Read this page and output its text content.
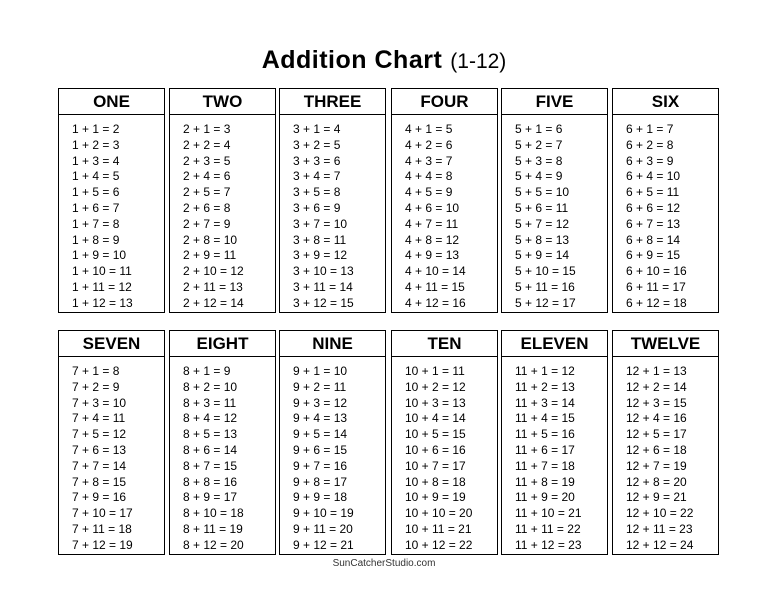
Addition Chart (1-12)
ONE
1 + 1 = 2
1 + 2 = 3
1 + 3 = 4
1 + 4 = 5
1 + 5 = 6
1 + 6 = 7
1 + 7 = 8
1 + 8 = 9
1 + 9 = 10
1 + 10 = 11
1 + 11 = 12
1 + 12 = 13
TWO
2 + 1 = 3
2 + 2 = 4
2 + 3 = 5
2 + 4 = 6
2 + 5 = 7
2 + 6 = 8
2 + 7 = 9
2 + 8 = 10
2 + 9 = 11
2 + 10 = 12
2 + 11 = 13
2 + 12 = 14
THREE
3 + 1 = 4
3 + 2 = 5
3 + 3 = 6
3 + 4 = 7
3 + 5 = 8
3 + 6 = 9
3 + 7 = 10
3 + 8 = 11
3 + 9 = 12
3 + 10 = 13
3 + 11 = 14
3 + 12 = 15
FOUR
4 + 1 = 5
4 + 2 = 6
4 + 3 = 7
4 + 4 = 8
4 + 5 = 9
4 + 6 = 10
4 + 7 = 11
4 + 8 = 12
4 + 9 = 13
4 + 10 = 14
4 + 11 = 15
4 + 12 = 16
FIVE
5 + 1 = 6
5 + 2 = 7
5 + 3 = 8
5 + 4 = 9
5 + 5 = 10
5 + 6 = 11
5 + 7 = 12
5 + 8 = 13
5 + 9 = 14
5 + 10 = 15
5 + 11 = 16
5 + 12 = 17
SIX
6 + 1 = 7
6 + 2 = 8
6 + 3 = 9
6 + 4 = 10
6 + 5 = 11
6 + 6 = 12
6 + 7 = 13
6 + 8 = 14
6 + 9 = 15
6 + 10 = 16
6 + 11 = 17
6 + 12 = 18
SEVEN
7 + 1 = 8
7 + 2 = 9
7 + 3 = 10
7 + 4 = 11
7 + 5 = 12
7 + 6 = 13
7 + 7 = 14
7 + 8 = 15
7 + 9 = 16
7 + 10 = 17
7 + 11 = 18
7 + 12 = 19
EIGHT
8 + 1 = 9
8 + 2 = 10
8 + 3 = 11
8 + 4 = 12
8 + 5 = 13
8 + 6 = 14
8 + 7 = 15
8 + 8 = 16
8 + 9 = 17
8 + 10 = 18
8 + 11 = 19
8 + 12 = 20
NINE
9 + 1 = 10
9 + 2 = 11
9 + 3 = 12
9 + 4 = 13
9 + 5 = 14
9 + 6 = 15
9 + 7 = 16
9 + 8 = 17
9 + 9 = 18
9 + 10 = 19
9 + 11 = 20
9 + 12 = 21
TEN
10 + 1 = 11
10 + 2 = 12
10 + 3 = 13
10 + 4 = 14
10 + 5 = 15
10 + 6 = 16
10 + 7 = 17
10 + 8 = 18
10 + 9 = 19
10 + 10 = 20
10 + 11 = 21
10 + 12 = 22
ELEVEN
11 + 1 = 12
11 + 2 = 13
11 + 3 = 14
11 + 4 = 15
11 + 5 = 16
11 + 6 = 17
11 + 7 = 18
11 + 8 = 19
11 + 9 = 20
11 + 10 = 21
11 + 11 = 22
11 + 12 = 23
TWELVE
12 + 1 = 13
12 + 2 = 14
12 + 3 = 15
12 + 4 = 16
12 + 5 = 17
12 + 6 = 18
12 + 7 = 19
12 + 8 = 20
12 + 9 = 21
12 + 10 = 22
12 + 11 = 23
12 + 12 = 24
SunCatcherStudio.com
